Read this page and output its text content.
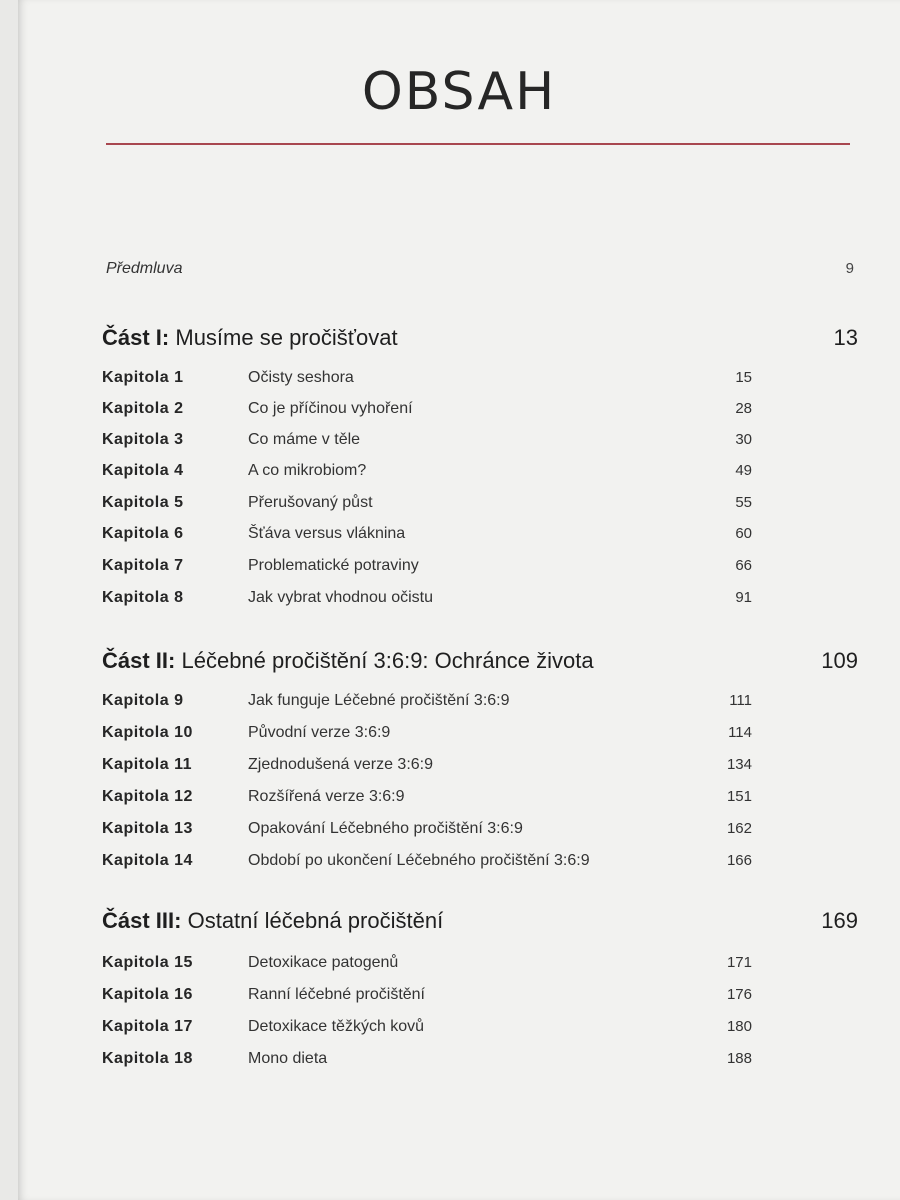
OBSAH
Předmluva	9
Část I: Musíme se pročišťovat	13
Kapitola 1	Očisty seshora	15
Kapitola 2	Co je příčinou vyhoření	28
Kapitola 3	Co máme v těle	30
Kapitola 4	A co mikrobiom?	49
Kapitola 5	Přerušovaný půst	55
Kapitola 6	Šťáva versus vláknina	60
Kapitola 7	Problematické potraviny	66
Kapitola 8	Jak vybrat vhodnou očistu	91
Část II: Léčebné pročištění 3:6:9: Ochránce života	109
Kapitola 9	Jak funguje Léčebné pročištění 3:6:9	111
Kapitola 10	Původní verze 3:6:9	114
Kapitola 11	Zjednodušená verze 3:6:9	134
Kapitola 12	Rozšířená verze 3:6:9	151
Kapitola 13	Opakování Léčebného pročištění 3:6:9	162
Kapitola 14	Období po ukončení Léčebného pročištění 3:6:9	166
Část III: Ostatní léčebná pročištění	169
Kapitola 15	Detoxikace patogenů	171
Kapitola 16	Ranní léčebné pročištění	176
Kapitola 17	Detoxikace těžkých kovů	180
Kapitola 18	Mono dieta	188
